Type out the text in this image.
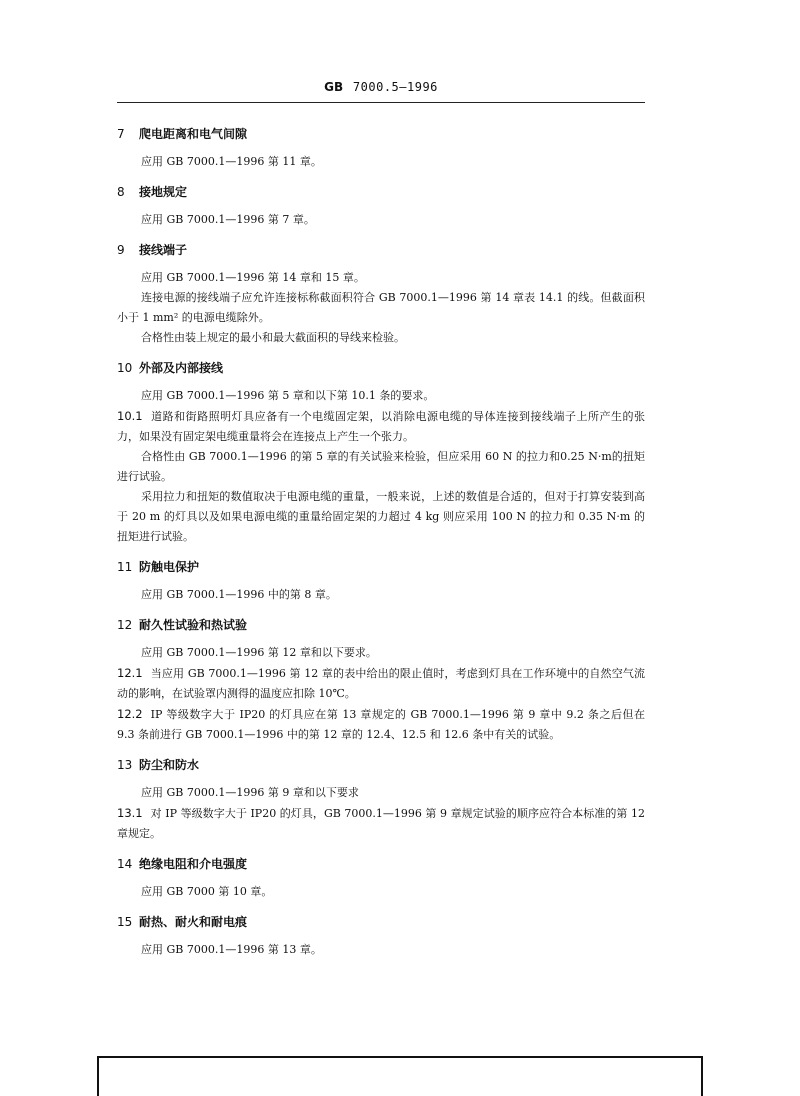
GB 7000.5—1996
7 爬电距离和电气间隙

应用 GB 7000.1—1996 第 11 章。

8 接地规定

应用 GB 7000.1—1996 第 7 章。

9 接线端子

应用 GB 7000.1—1996 第 14 章和 15 章。

连接电源的接线端子应允许连接标称截面积符合 GB 7000.1—1996 第 14 章表 14.1 的线。但截面积小于 1 mm² 的电源电缆除外。

合格性由装上规定的最小和最大截面积的导线来检验。

10 外部及内部接线

应用 GB 7000.1—1996 第 5 章和以下第 10.1 条的要求。

10.1 道路和街路照明灯具应备有一个电缆固定架，以消除电源电缆的导体连接到接线端子上所产生的张力，如果没有固定架电缆重量将会在连接点上产生一个张力。

合格性由 GB 7000.1—1996 的第 5 章的有关试验来检验，但应采用 60 N 的拉力和0.25 N·m的扭矩进行试验。

采用拉力和扭矩的数值取决于电源电缆的重量，一般来说，上述的数值是合适的，但对于打算安装到高于 20 m 的灯具以及如果电源电缆的重量给固定架的力超过 4 kg 则应采用 100 N 的拉力和 0.35 N·m 的扭矩进行试验。

11 防触电保护

应用 GB 7000.1—1996 中的第 8 章。

12 耐久性试验和热试验

应用 GB 7000.1—1996 第 12 章和以下要求。

12.1 当应用 GB 7000.1—1996 第 12 章的表中给出的限止值时，考虑到灯具在工作环境中的自然空气流动的影响，在试验罩内测得的温度应扣除 10℃。

12.2 IP 等级数字大于 IP20 的灯具应在第 13 章规定的 GB 7000.1—1996 第 9 章中 9.2 条之后但在 9.3 条前进行 GB 7000.1—1996 中的第 12 章的 12.4、12.5 和 12.6 条中有关的试验。

13 防尘和防水

应用 GB 7000.1—1996 第 9 章和以下要求

13.1 对 IP 等级数字大于 IP20 的灯具，GB 7000.1—1996 第 9 章规定试验的顺序应符合本标准的第 12 章规定。

14 绝缘电阻和介电强度

应用 GB 7000 第 10 章。

15 耐热、耐火和耐电痕

应用 GB 7000.1—1996 第 13 章。
